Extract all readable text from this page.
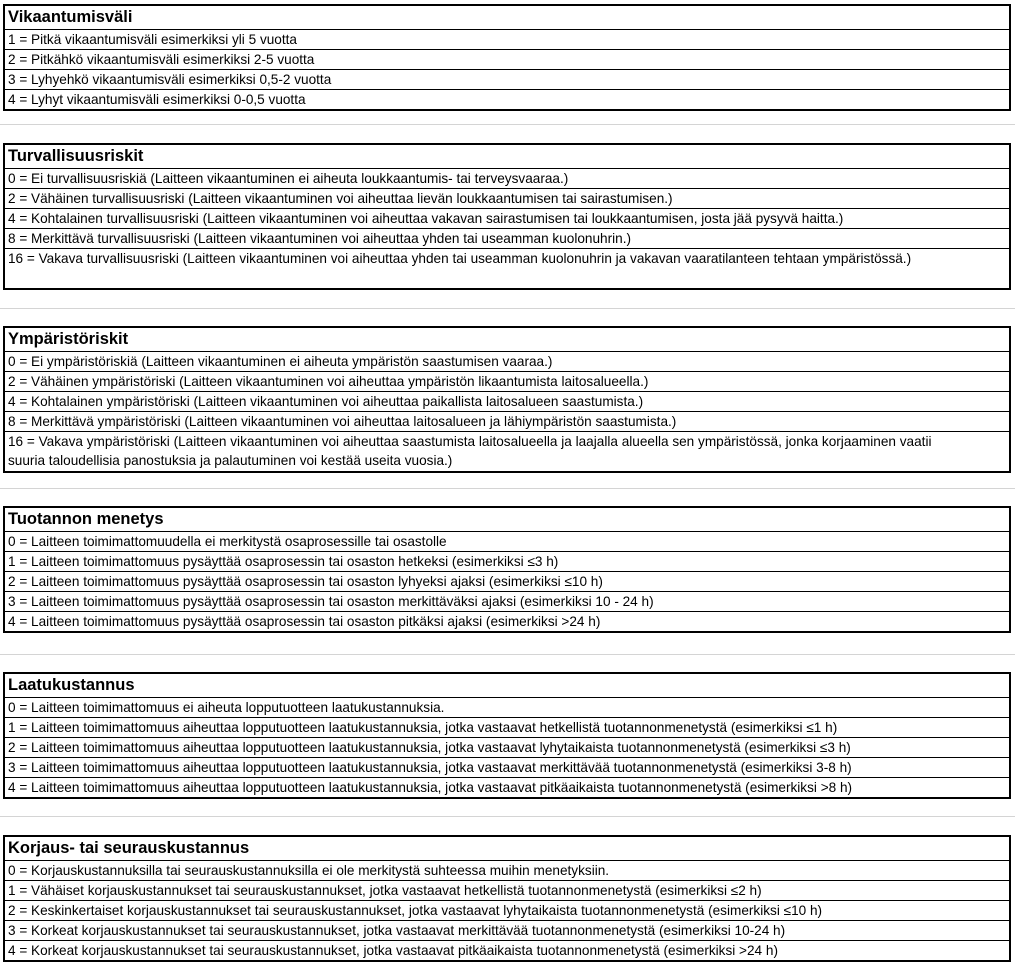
Vikaantumisväli
1 = Pitkä vikaantumisväli esimerkiksi yli 5 vuotta
2 = Pitkähkö vikaantumisväli esimerkiksi 2-5 vuotta
3 = Lyhyehkö vikaantumisväli esimerkiksi 0,5-2 vuotta
4 = Lyhyt vikaantumisväli esimerkiksi 0-0,5 vuotta
Turvallisuusriskit
0 = Ei turvallisuusriskiä (Laitteen vikaantuminen ei aiheuta loukkaantumis- tai terveysvaaraa.)
2 = Vähäinen turvallisuusriski (Laitteen vikaantuminen voi aiheuttaa lievän loukkaantumisen tai sairastumisen.)
4 = Kohtalainen turvallisuusriski (Laitteen vikaantuminen voi aiheuttaa vakavan sairastumisen tai loukkaantumisen, josta jää pysyvä haitta.)
8 = Merkittävä turvallisuusriski (Laitteen vikaantuminen voi aiheuttaa yhden tai useamman kuolonuhrin.)
16 = Vakava turvallisuusriski (Laitteen vikaantuminen voi aiheuttaa yhden tai useamman kuolonuhrin ja vakavan vaaratilanteen tehtaan ympäristössä.)
Ympäristöriskit
0 = Ei ympäristöriskiä (Laitteen vikaantuminen ei aiheuta ympäristön saastumisen vaaraa.)
2 = Vähäinen ympäristöriski (Laitteen vikaantuminen voi aiheuttaa ympäristön likaantumista laitosalueella.)
4 = Kohtalainen ympäristöriski (Laitteen vikaantuminen voi aiheuttaa paikallista laitosalueen saastumista.)
8 = Merkittävä ympäristöriski (Laitteen vikaantuminen voi aiheuttaa laitosalueen ja lähiympäristön saastumista.)
16 = Vakava ympäristöriski (Laitteen vikaantuminen voi aiheuttaa saastumista laitosalueella ja laajalla alueella sen ympäristössä, jonka korjaaminen vaatii suuria taloudellisia panostuksia ja palautuminen voi kestää useita vuosia.)
Tuotannon menetys
0 = Laitteen toimimattomuudella ei merkitystä osaprosessille tai osastolle
1 = Laitteen toimimattomuus pysäyttää osaprosessin tai osaston hetkeksi (esimerkiksi ≤3 h)
2 = Laitteen toimimattomuus pysäyttää osaprosessin tai osaston lyhyeksi ajaksi (esimerkiksi ≤10 h)
3 = Laitteen toimimattomuus pysäyttää osaprosessin tai osaston merkittäväksi ajaksi (esimerkiksi 10 - 24 h)
4 = Laitteen toimimattomuus pysäyttää osaprosessin tai osaston pitkäksi ajaksi (esimerkiksi >24 h)
Laatukustannus
0 = Laitteen toimimattomuus ei aiheuta lopputuotteen laatukustannuksia.
1 = Laitteen toimimattomuus aiheuttaa lopputuotteen laatukustannuksia, jotka vastaavat hetkellistä tuotannonmenetystä (esimerkiksi ≤1 h)
2 = Laitteen toimimattomuus aiheuttaa lopputuotteen laatukustannuksia, jotka vastaavat lyhytaikaista tuotannonmenetystä (esimerkiksi ≤3 h)
3 = Laitteen toimimattomuus aiheuttaa lopputuotteen laatukustannuksia, jotka vastaavat merkittävää tuotannonmenetystä (esimerkiksi 3-8 h)
4 = Laitteen toimimattomuus aiheuttaa lopputuotteen laatukustannuksia, jotka vastaavat pitkäaikaista tuotannonmenetystä (esimerkiksi >8 h)
Korjaus- tai seurauskustannus
0 = Korjauskustannuksilla tai seurauskustannuksilla ei ole merkitystä suhteessa muihin menetyksiin.
1 = Vähäiset korjauskustannukset tai seurauskustannukset, jotka vastaavat hetkellistä tuotannonmenetystä (esimerkiksi ≤2 h)
2 = Keskinkertaiset korjauskustannukset tai seurauskustannukset, jotka vastaavat lyhytaikaista tuotannonmenetystä (esimerkiksi ≤10 h)
3 = Korkeat korjauskustannukset tai seurauskustannukset, jotka vastaavat merkittävää tuotannonmenetystä (esimerkiksi 10-24 h)
4 = Korkeat korjauskustannukset tai seurauskustannukset, jotka vastaavat pitkäaikaista tuotannonmenetystä (esimerkiksi >24 h)
